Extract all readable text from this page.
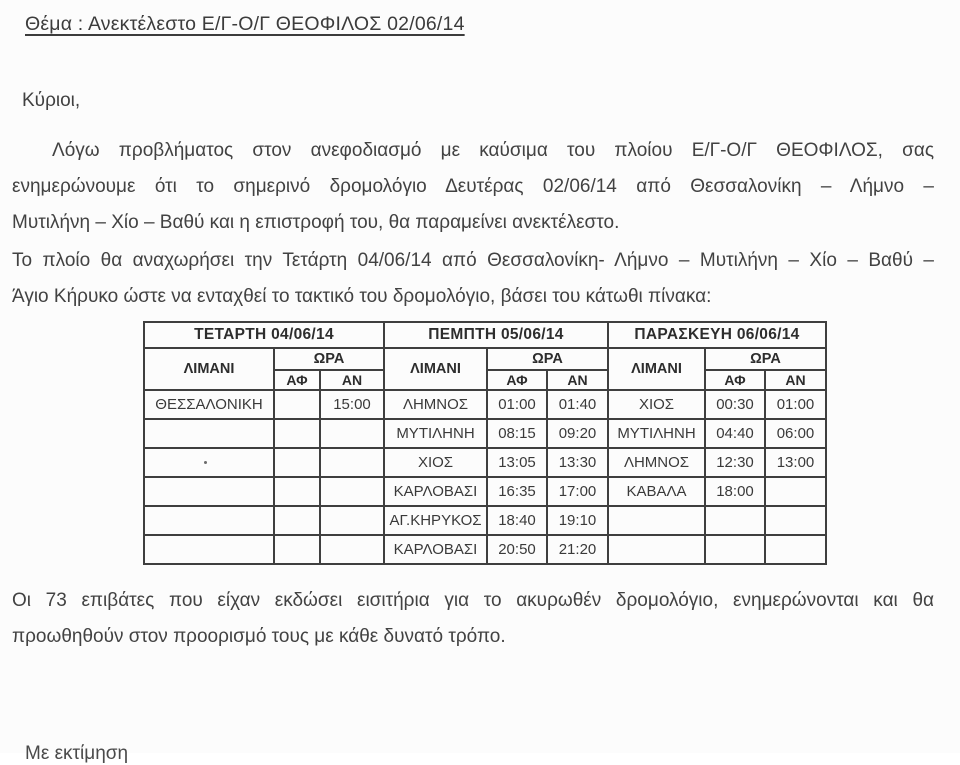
Θέμα : Ανεκτέλεστο Ε/Γ-Ο/Γ ΘΕΟΦΙΛΟΣ 02/06/14
Κύριοι,
Λόγω προβλήματος στον ανεφοδιασμό με καύσιμα του πλοίου Ε/Γ-Ο/Γ ΘΕΟΦΙΛΟΣ, σας
ενημερώνουμε ότι το σημερινό δρομολόγιο Δευτέρας 02/06/14 από Θεσσαλονίκη – Λήμνο –
Μυτιλήνη – Χίο – Βαθύ και η επιστροφή του, θα παραμείνει ανεκτέλεστο.
Το πλοίο θα αναχωρήσει την Τετάρτη 04/06/14 από Θεσσαλονίκη- Λήμνο – Μυτιλήνη – Χίο – Βαθύ –
Άγιο Κήρυκο ώστε να ενταχθεί το τακτικό του δρομολόγιο, βάσει του κάτωθι πίνακα:
ΤΕΤΑΡΤΗ 04/06/14			ΠΕΜΠΤΗ 05/06/14			ΠΑΡΑΣΚΕΥΗ 06/06/14		
ΛΙΜΑΝΙ	ΩΡΑ		ΛΙΜΑΝΙ	ΩΡΑ		ΛΙΜΑΝΙ	ΩΡΑ	
	ΑΦ	ΑΝ		ΑΦ	ΑΝ		ΑΦ	ΑΝ
ΘΕΣΣΑΛΟΝΙΚΗ		15:00	ΛΗΜΝΟΣ	01:00	01:40	ΧΙΟΣ	00:30	01:00
			ΜΥΤΙΛΗΝΗ	08:15	09:20	ΜΥΤΙΛΗΝΗ	04:40	06:00
			ΧΙΟΣ	13:05	13:30	ΛΗΜΝΟΣ	12:30	13:00
			ΚΑΡΛΟΒΑΣΙ	16:35	17:00	ΚΑΒΑΛΑ	18:00	
			ΑΓ.ΚΗΡΥΚΟΣ	18:40	19:10			
			ΚΑΡΛΟΒΑΣΙ	20:50	21:20			
Οι 73 επιβάτες που είχαν εκδώσει εισιτήρια για το ακυρωθέν δρομολόγιο, ενημερώνονται και θα
προωθηθούν στον προορισμό τους με κάθε δυνατό τρόπο.
Με εκτίμηση
